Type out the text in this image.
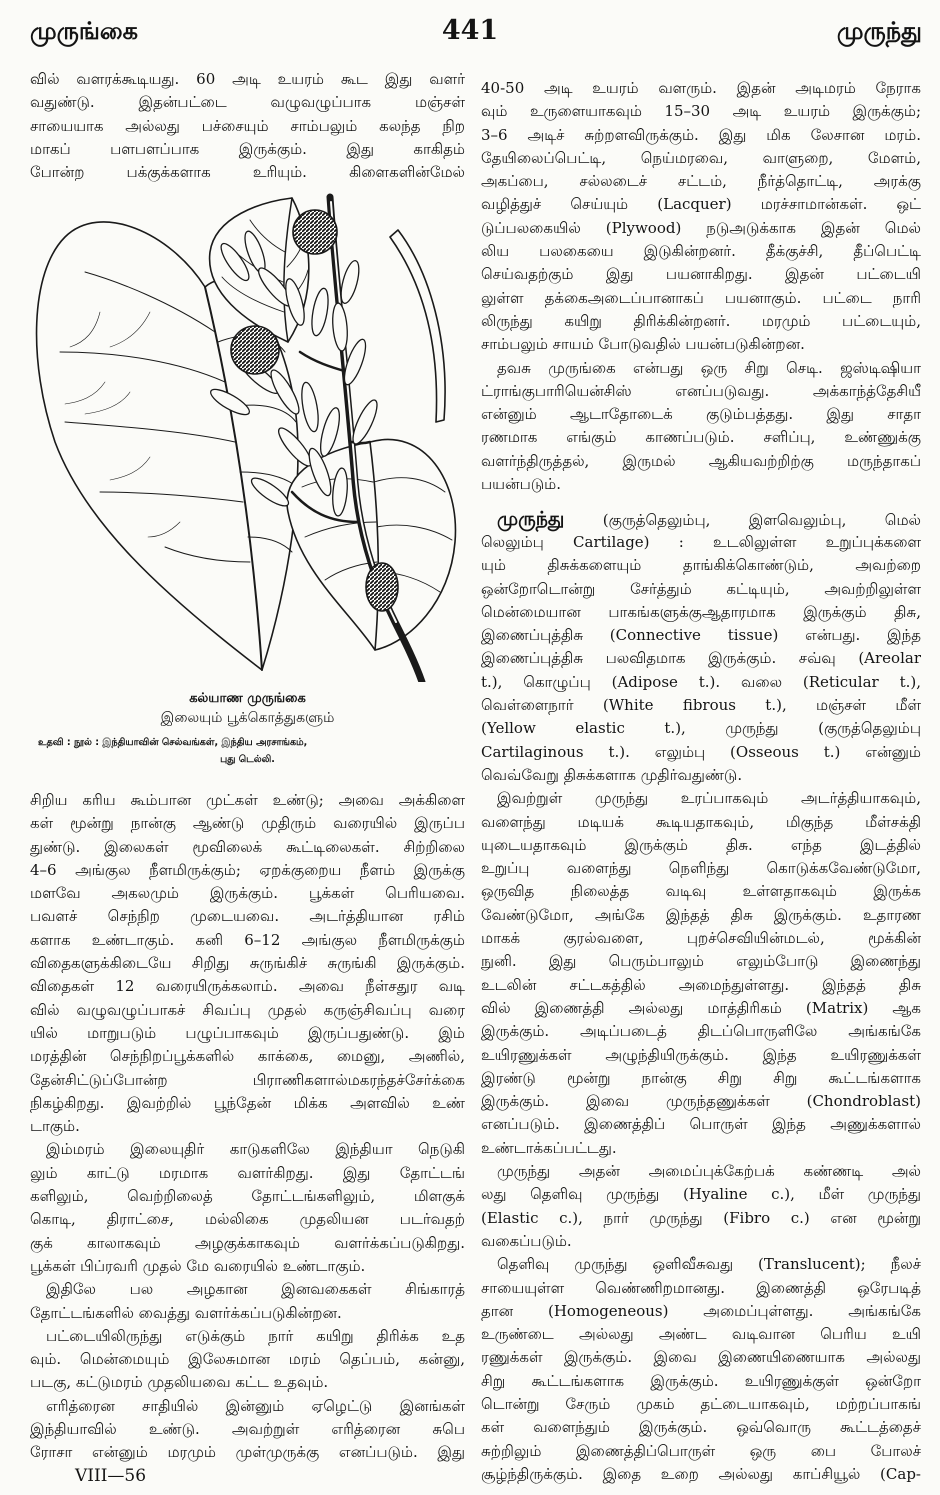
முருங்கை	441	முருந்து
வில் வளரக்கூடியது. 60 அடி உயரம் கூட இது வளர்
வதுண்டு. இதன்பட்டை வழுவழுப்பாக மஞ்சள்
சாயையாக அல்லது பச்சையும் சாம்பலும் கலந்த நிற
மாகப் பளபளப்பாக இருக்கும். இது காகிதம்
போன்ற பக்குக்களாக உரியும். கிளைகளின்மேல்
கல்யாண முருங்கை
இலையும் பூக்கொத்துகளும்
உதவி : நூல் : இந்தியாவின் செல்வங்கள், இந்திய அரசாங்கம்,
புது டெல்லி.
சிறிய கரிய கூம்பான முட்கள் உண்டு; அவை அக்கிளை
கள் மூன்று நான்கு ஆண்டு முதிரும் வரையில் இருப்ப
துண்டு. இலைகள் மூவிலைக் கூட்டிலைகள். சிற்றிலை
4–6 அங்குல நீளமிருக்கும்; ஏறக்குறைய நீளம் இருக்கு
மளவே அகலமும் இருக்கும். பூக்கள் பெரியவை.
பவளச் செந்நிற முடையவை. அடர்த்தியான ரசிம்
களாக உண்டாகும். கனி 6–12 அங்குல நீளமிருக்கும்
விதைகளுக்கிடையே சிறிது சுருங்கிச் சுருங்கி இருக்கும்.
விதைகள் 12 வரையிருக்கலாம். அவை நீள்சதுர வடி
வில் வழுவழுப்பாகச் சிவப்பு முதல் கருஞ்சிவப்பு வரை
யில் மாறுபடும் பழுப்பாகவும் இருப்பதுண்டு. இம்
மரத்தின் செந்நிறப்பூக்களில் காக்கை, மைனு, அணில்,
தேன்சிட்டுப்போன்ற பிராணிகளால்மகரந்தச்சேர்க்கை
நிகழ்கிறது. இவற்றில் பூந்தேன் மிக்க அளவில் உண்
டாகும்.
இம்மரம் இலையுதிர் காடுகளிலே இந்தியா நெடுகி
லும் காட்டு மரமாக வளர்கிறது. இது தோட்டங்
களிலும், வெற்றிலைத் தோட்டங்களிலும், மிளகுக்
கொடி, திராட்சை, மல்லிகை முதலியன படர்வதற்
குக் காலாகவும் அழகுக்காகவும் வளர்க்கப்படுகிறது.
பூக்கள் பிப்ரவரி முதல் மே வரையில் உண்டாகும்.
இதிலே பல அழகான இனவகைகள் சிங்காரத்
தோட்டங்களில் வைத்து வளர்க்கப்படுகின்றன.
பட்டையிலிருந்து எடுக்கும் நார் கயிறு திரிக்க உத
வும். மென்மையும் இலேசுமான மரம் தெப்பம், கன்னு,
படகு, கட்டுமரம் முதலியவை கட்ட உதவும்.
எரித்ரைன சாதியில் இன்னும் ஏழெட்டு இனங்கள்
இந்தியாவில் உண்டு. அவற்றுள் எரித்ரைன சுபெ
ரோசா என்னும் மரமும் முள்முருக்கு எனப்படும். இது
40-50 அடி உயரம் வளரும். இதன் அடிமரம் நேராக
வும் உருளையாகவும் 15–30 அடி உயரம் இருக்கும்;
3–6 அடிச் சுற்றளவிருக்கும். இது மிக லேசான மரம்.
தேயிலைப்பெட்டி, நெய்மரவை, வாளுறை, மேளம்,
அகப்பை, சல்லடைச் சட்டம், நீர்த்தொட்டி, அரக்கு
வழித்துச் செய்யும் (Lacquer) மரச்சாமான்கள். ஒட்
டுப்பலகையில் (Plywood) நடுஅடுக்காக இதன் மெல்
லிய பலகையை இடுகின்றனர். தீக்குச்சி, தீப்பெட்டி
செய்வதற்கும் இது பயனாகிறது. இதன் பட்டையி
லுள்ள தக்கைஅடைப்பானாகப் பயனாகும். பட்டை நாரி
லிருந்து கயிறு திரிக்கின்றனர். மரமும் பட்டையும்,
சாம்பலும் சாயம் போடுவதில் பயன்படுகின்றன.
தவசு முருங்கை என்பது ஒரு சிறு செடி. ஜஸ்டிஷியா
ட்ராங்குபாரியென்சிஸ் எனப்படுவது. அக்காந்த்தேசியீ
என்னும் ஆடாதோடைக் குடும்பத்தது. இது சாதா
ரணமாக எங்கும் காணப்படும். சளிப்பு, உண்ணுக்கு
வளர்ந்திருத்தல், இருமல் ஆகியவற்றிற்கு மருந்தாகப்
பயன்படும்.
முருந்து	(குருத்தெலும்பு, இளவெலும்பு, மெல்
லெலும்பு Cartilage) : உடலிலுள்ள உறுப்புக்களை
யும் திசுக்களையும் தாங்கிக்கொண்டும், அவற்றை
ஒன்றோடொன்று சேர்த்தும் கட்டியும், அவற்றிலுள்ள
மென்மையான பாகங்களுக்குஆதாரமாக இருக்கும் திசு,
இணைப்புத்திசு (Connective tissue) என்பது. இந்த
இணைப்புத்திசு பலவிதமாக இருக்கும். சவ்வு (Areolar
t.), கொழுப்பு (Adipose t.). வலை (Reticular t.),
வெள்ளைநார் (White fibrous t.), மஞ்சள் மீள்
(Yellow elastic t.), முருந்து (குருத்தெலும்பு
Cartilaginous t.). எலும்பு (Osseous t.) என்னும்
வெவ்வேறு திசுக்களாக முதிர்வதுண்டு.
இவற்றுள் முருந்து உரப்பாகவும் அடர்த்தியாகவும்,
வளைந்து மடியக் கூடியதாகவும், மிகுந்த மீள்சக்தி
யுடையதாகவும் இருக்கும் திசு. எந்த இடத்தில்
உறுப்பு வளைந்து நெளிந்து கொடுக்கவேண்டுமோ,
ஒருவித நிலைத்த வடிவு உள்ளதாகவும் இருக்க
வேண்டுமோ, அங்கே இந்தத் திசு இருக்கும். உதாரண
மாகக் குரல்வளை, புறச்செவியின்மடல், மூக்கின்
நுனி. இது பெரும்பாலும் எலும்போடு இணைந்து
உடலின் சட்டகத்தில் அமைந்துள்ளது. இந்தத் திசு
வில் இணைத்தி அல்லது மாத்திரிகம் (Matrix) ஆக
இருக்கும். அடிப்படைத் திடப்பொருளிலே அங்கங்கே
உயிரணுக்கள் அழுந்தியிருக்கும். இந்த உயிரணுக்கள்
இரண்டு மூன்று நான்கு சிறு சிறு கூட்டங்களாக
இருக்கும். இவை முருந்தணுக்கள் (Chondroblast)
எனப்படும். இணைத்திப் பொருள் இந்த அணுக்களால்
உண்டாக்கப்பட்டது.
முருந்து அதன் அமைப்புக்கேற்பக் கண்ணடி அல்
லது தெளிவு முருந்து (Hyaline c.), மீள் முருந்து
(Elastic c.), நார் முருந்து (Fibro c.) என மூன்று
வகைப்படும்.
தெளிவு முருந்து ஒளிவீசுவது (Translucent); நீலச்
சாயையுள்ள வெண்ணிறமானது. இணைத்தி ஒரேபடித்
தான (Homogeneous) அமைப்புள்ளது. அங்கங்கே
உருண்டை அல்லது அண்ட வடிவான பெரிய உயி
ரணுக்கள் இருக்கும். இவை இணையிணையாக அல்லது
சிறு கூட்டங்களாக இருக்கும். உயிரணுக்குள் ஒன்றோ
டொன்று சேரும் முகம் தட்டையாகவும், மற்றப்பாகங்
கள் வளைந்தும் இருக்கும். ஒவ்வொரு கூட்டத்தைச்
சுற்றிலும் இணைத்திப்பொருள் ஒரு பை போலச்
சூழ்ந்திருக்கும். இதை உறை அல்லது காப்சியூல் (Cap-
VIII—56
